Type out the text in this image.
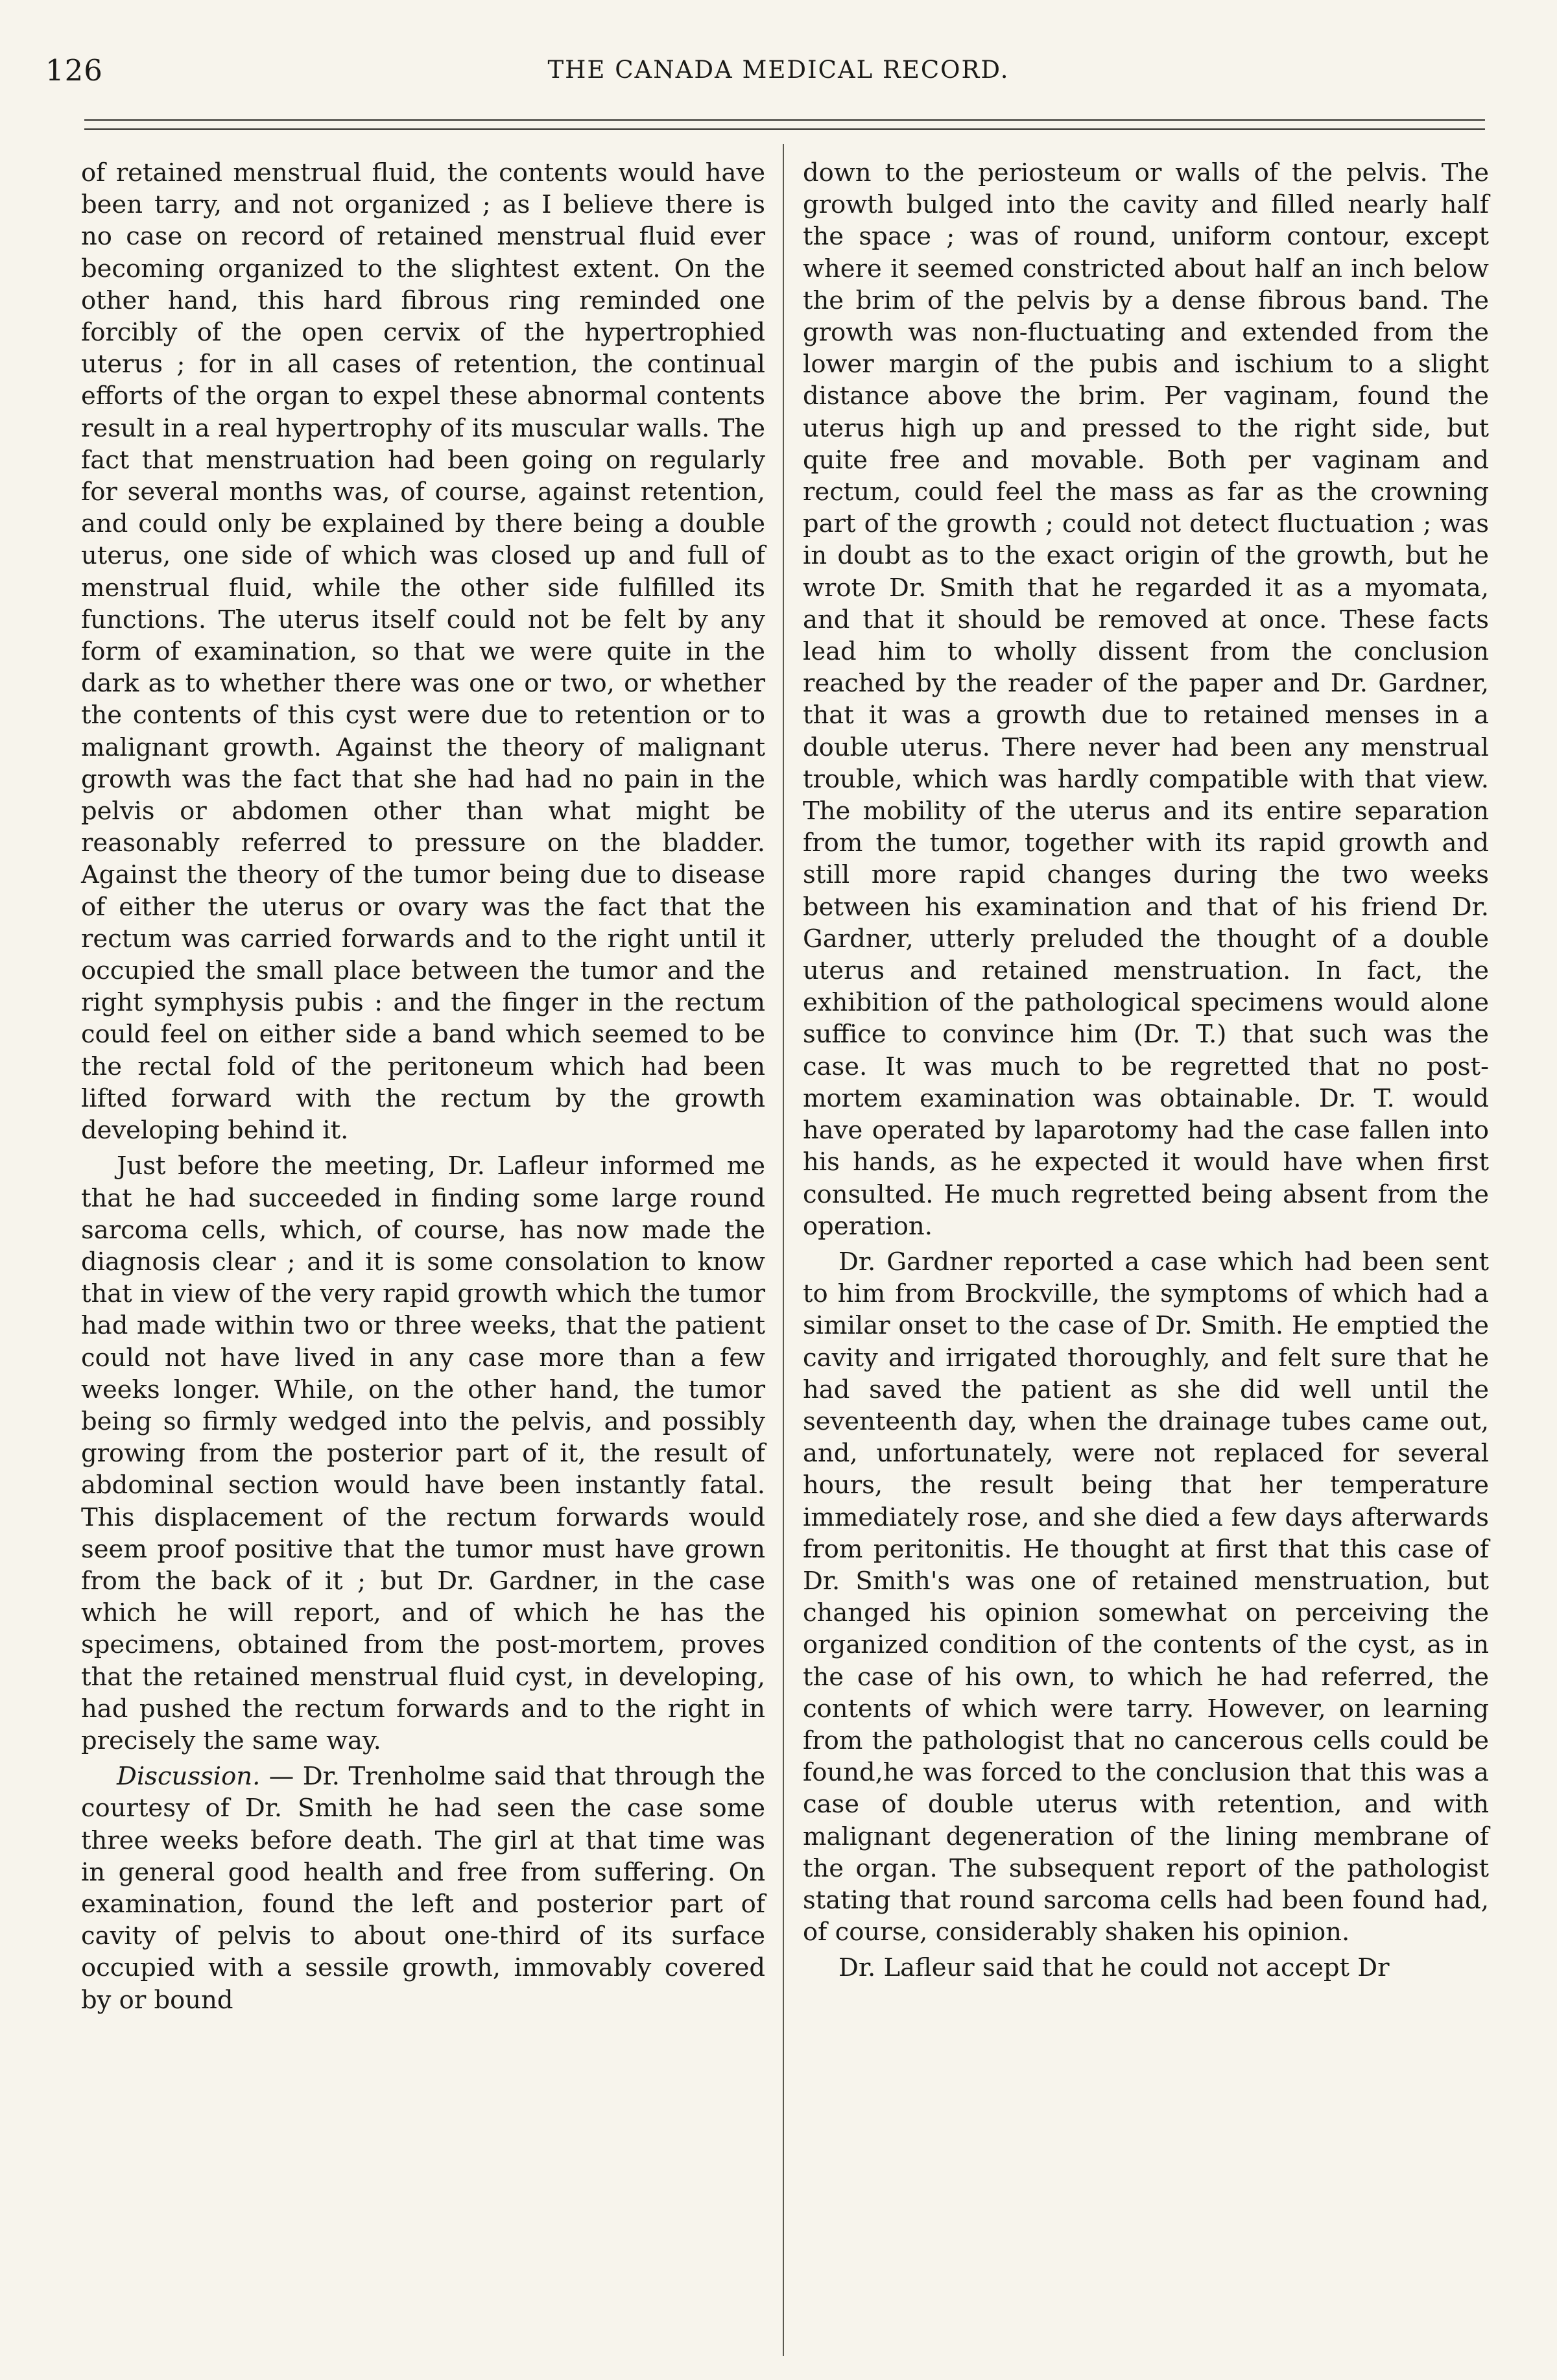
126	THE CANADA MEDICAL RECORD.

of retained menstrual fluid, the contents would have been tarry, and not organized ; as I believe there is no case on record of retained menstrual fluid ever becoming organized to the slightest extent. On the other hand, this hard fibrous ring reminded one forcibly of the open cervix of the hypertrophied uterus ; for in all cases of retention, the continual efforts of the organ to expel these abnormal contents result in a real hypertrophy of its muscular walls. The fact that menstruation had been going on regularly for several months was, of course, against retention, and could only be explained by there being a double uterus, one side of which was closed up and full of menstrual fluid, while the other side fulfilled its functions. The uterus itself could not be felt by any form of examination, so that we were quite in the dark as to whether there was one or two, or whether the contents of this cyst were due to retention or to malignant growth. Against the theory of malignant growth was the fact that she had had no pain in the pelvis or abdomen other than what might be reasonably referred to pressure on the bladder. Against the theory of the tumor being due to disease of either the uterus or ovary was the fact that the rectum was carried forwards and to the right until it occupied the small place between the tumor and the right symphysis pubis : and the finger in the rectum could feel on either side a band which seemed to be the rectal fold of the peritoneum which had been lifted forward with the rectum by the growth developing behind it.

Just before the meeting, Dr. Lafleur informed me that he had succeeded in finding some large round sarcoma cells, which, of course, has now made the diagnosis clear ; and it is some consolation to know that in view of the very rapid growth which the tumor had made within two or three weeks, that the patient could not have lived in any case more than a few weeks longer. While, on the other hand, the tumor being so firmly wedged into the pelvis, and possibly growing from the posterior part of it, the result of abdominal section would have been instantly fatal. This displacement of the rectum forwards would seem proof positive that the tumor must have grown from the back of it ; but Dr. Gardner, in the case which he will report, and of which he has the specimens, obtained from the post-mortem, proves that the retained menstrual fluid cyst, in developing, had pushed the rectum forwards and to the right in precisely the same way.

Discussion. — Dr. Trenholme said that through the courtesy of Dr. Smith he had seen the case some three weeks before death. The girl at that time was in general good health and free from suffering. On examination, found the left and posterior part of cavity of pelvis to about one-third of its surface occupied with a sessile growth, immovably covered by or bound

down to the periosteum or walls of the pelvis. The growth bulged into the cavity and filled nearly half the space ; was of round, uniform contour, except where it seemed constricted about half an inch below the brim of the pelvis by a dense fibrous band. The growth was non-fluctuating and extended from the lower margin of the pubis and ischium to a slight distance above the brim. Per vaginam, found the uterus high up and pressed to the right side, but quite free and movable. Both per vaginam and rectum, could feel the mass as far as the crowning part of the growth ; could not detect fluctuation ; was in doubt as to the exact origin of the growth, but he wrote Dr. Smith that he regarded it as a myomata, and that it should be removed at once. These facts lead him to wholly dissent from the conclusion reached by the reader of the paper and Dr. Gardner, that it was a growth due to retained menses in a double uterus. There never had been any menstrual trouble, which was hardly compatible with that view. The mobility of the uterus and its entire separation from the tumor, together with its rapid growth and still more rapid changes during the two weeks between his examination and that of his friend Dr. Gardner, utterly preluded the thought of a double uterus and retained menstruation. In fact, the exhibition of the pathological specimens would alone suffice to convince him (Dr. T.) that such was the case. It was much to be regretted that no post-mortem examination was obtainable. Dr. T. would have operated by laparotomy had the case fallen into his hands, as he expected it would have when first consulted. He much regretted being absent from the operation.

Dr. Gardner reported a case which had been sent to him from Brockville, the symptoms of which had a similar onset to the case of Dr. Smith. He emptied the cavity and irrigated thoroughly, and felt sure that he had saved the patient as she did well until the seventeenth day, when the drainage tubes came out, and, unfortunately, were not replaced for several hours, the result being that her temperature immediately rose, and she died a few days afterwards from peritonitis. He thought at first that this case of Dr. Smith's was one of retained menstruation, but changed his opinion somewhat on perceiving the organized condition of the contents of the cyst, as in the case of his own, to which he had referred, the contents of which were tarry. However, on learning from the pathologist that no cancerous cells could be found,he was forced to the conclusion that this was a case of double uterus with retention, and with malignant degeneration of the lining membrane of the organ. The subsequent report of the pathologist stating that round sarcoma cells had been found had, of course, considerably shaken his opinion.

Dr. Lafleur said that he could not accept Dr
